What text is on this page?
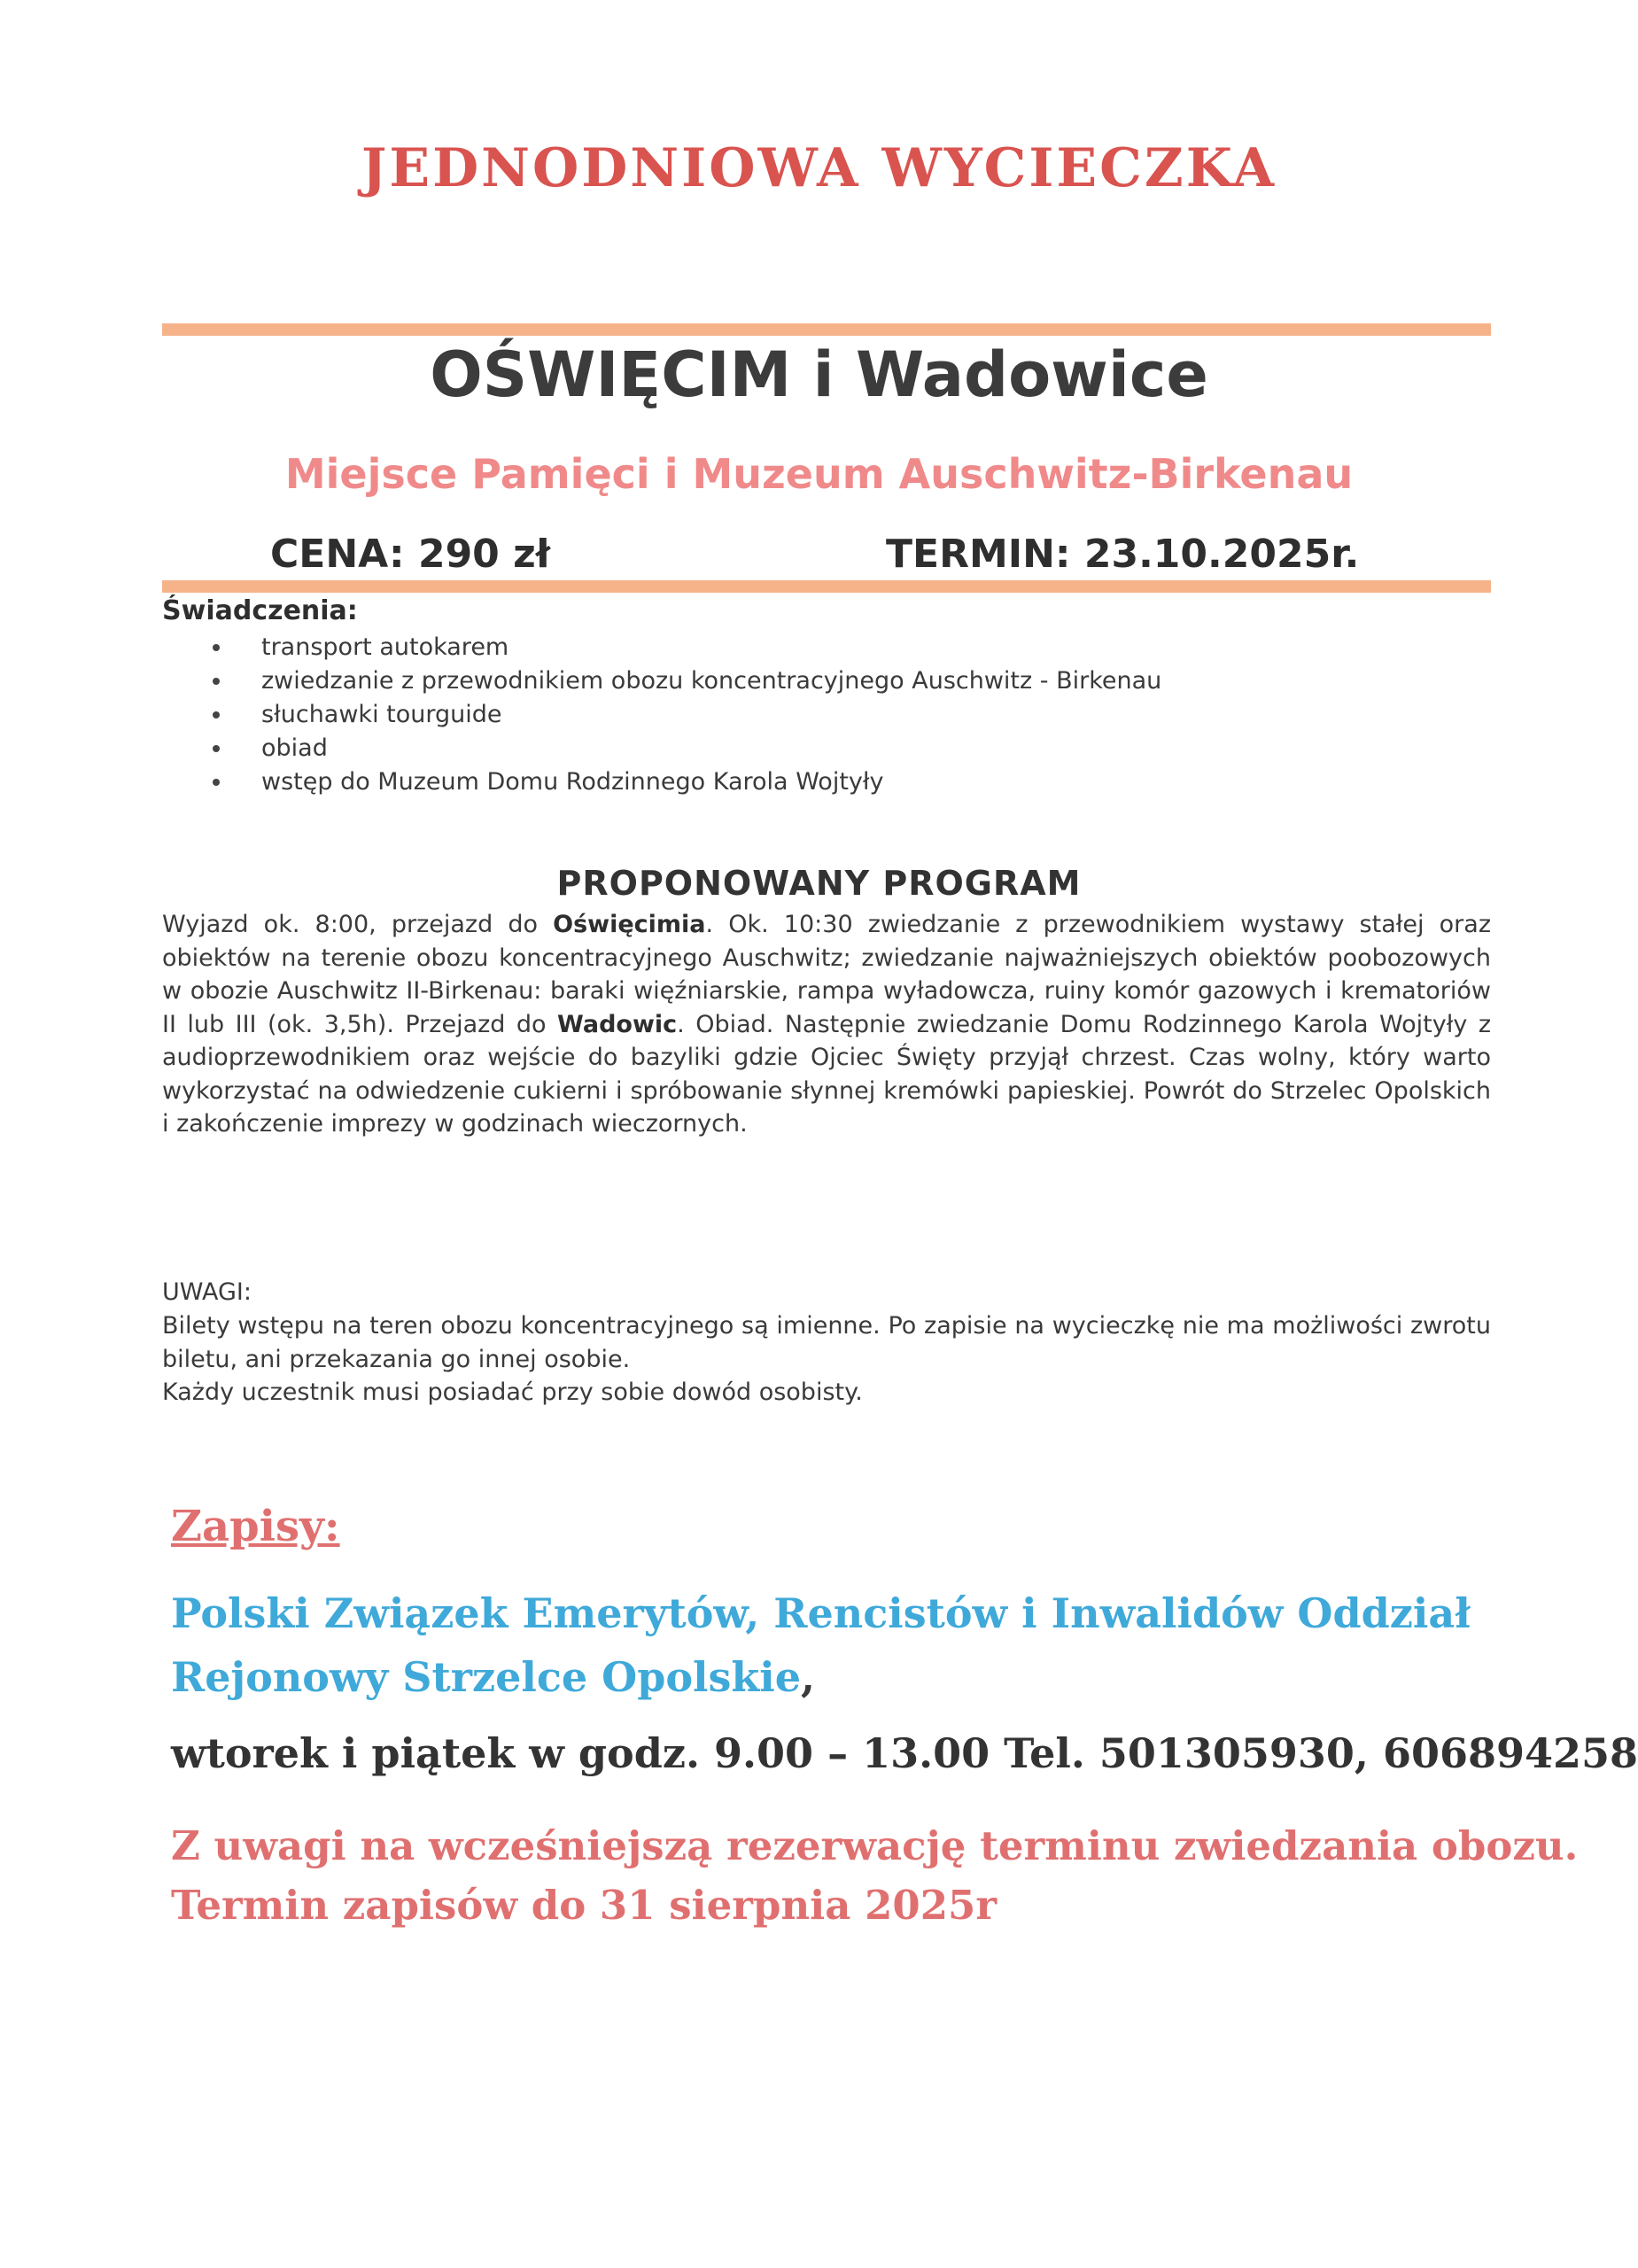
JEDNODNIOWA WYCIECZKA
OŚWIĘCIM i Wadowice
Miejsce Pamięci i Muzeum Auschwitz-Birkenau
CENA: 290 zł	TERMIN: 23.10.2025r.
Świadczenia:
transport autokarem
zwiedzanie z przewodnikiem obozu koncentracyjnego Auschwitz - Birkenau
słuchawki tourguide
obiad
wstęp do Muzeum Domu Rodzinnego Karola Wojtyły
PROPONOWANY PROGRAM

Wyjazd ok. 8:00, przejazd do Oświęcimia. Ok. 10:30 zwiedzanie z przewodnikiem wystawy stałej oraz obiektów na terenie obozu koncentracyjnego Auschwitz; zwiedzanie najważniejszych obiektów poobozowych w obozie Auschwitz II-Birkenau: baraki więźniarskie, rampa wyładowcza, ruiny komór gazowych i krematoriów II lub III (ok. 3,5h). Przejazd do Wadowic. Obiad. Następnie zwiedzanie Domu Rodzinnego Karola Wojtyły z audioprzewodnikiem oraz wejście do bazyliki gdzie Ojciec Święty przyjął chrzest. Czas wolny, który warto wykorzystać na odwiedzenie cukierni i spróbowanie słynnej kremówki papieskiej. Powrót do Strzelec Opolskich i zakończenie imprezy w godzinach wieczornych.

UWAGI:

Bilety wstępu na teren obozu koncentracyjnego są imienne. Po zapisie na wycieczkę nie ma możliwości zwrotu biletu, ani przekazania go innej osobie.
Każdy uczestnik musi posiadać przy sobie dowód osobisty.

Zapisy:

Polski Związek Emerytów, Rencistów i Inwalidów Oddział Rejonowy Strzelce Opolskie,

wtorek i piątek w godz. 9.00 – 13.00 Tel. 501305930, 606894258

Z uwagi na wcześniejszą rezerwację terminu zwiedzania obozu.
Termin zapisów do 31 sierpnia 2025r
